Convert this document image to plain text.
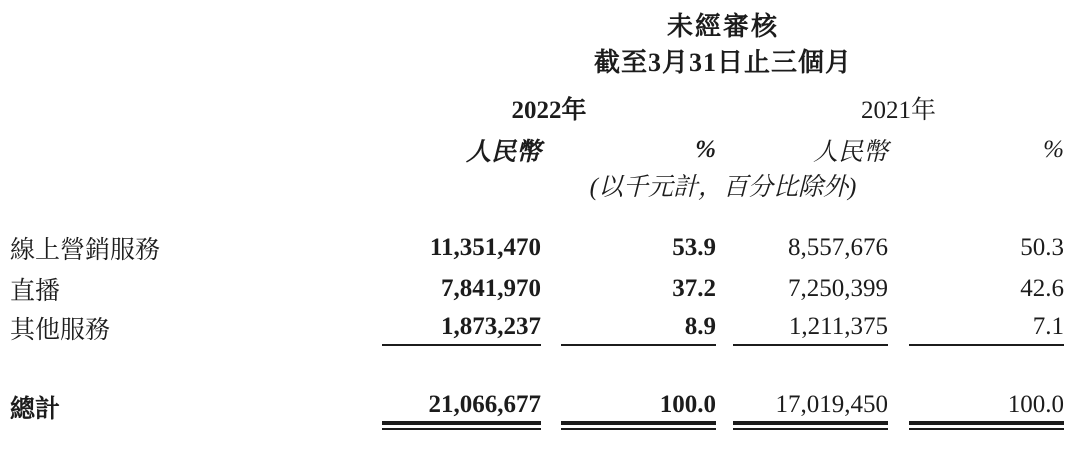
未經審核
截至3月31日止三個月
2022年	2021年
人民幣	%	人民幣	%
(以千元計，百分比除外)
線上營銷服務	11,351,470	53.9	8,557,676	50.3
直播	7,841,970	37.2	7,250,399	42.6
其他服務	1,873,237	8.9	1,211,375	7.1
總計	21,066,677	100.0	17,019,450	100.0
